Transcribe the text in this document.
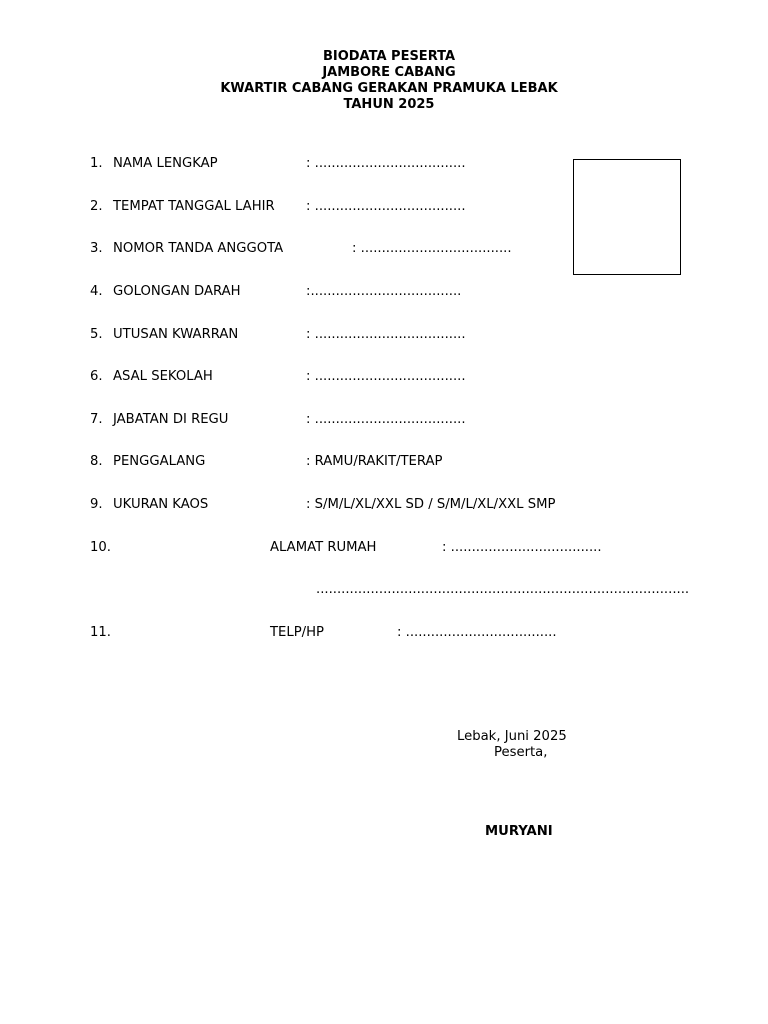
BIODATA PESERTA
JAMBORE CABANG
KWARTIR CABANG GERAKAN PRAMUKA LEBAK
TAHUN 2025
1. NAMA LENGKAP	: ....................................
2. TEMPAT TANGGAL LAHIR : ....................................
3. NOMOR TANDA ANGGOTA	: ....................................
4. GOLONGAN DARAH	:....................................
5. UTUSAN KWARRAN	: ....................................
6. ASAL SEKOLAH	: ....................................
7. JABATAN DI REGU	: ....................................
8. PENGGALANG	: RAMU/RAKIT/TERAP
9. UKURAN KAOS	: S/M/L/XL/XXL SD / S/M/L/XL/XXL SMP
10.	ALAMAT RUMAH	: ....................................
.........................................................................................
11.	TELP/HP	: ....................................
Lebak, Juni 2025
Peserta,
MURYANI
